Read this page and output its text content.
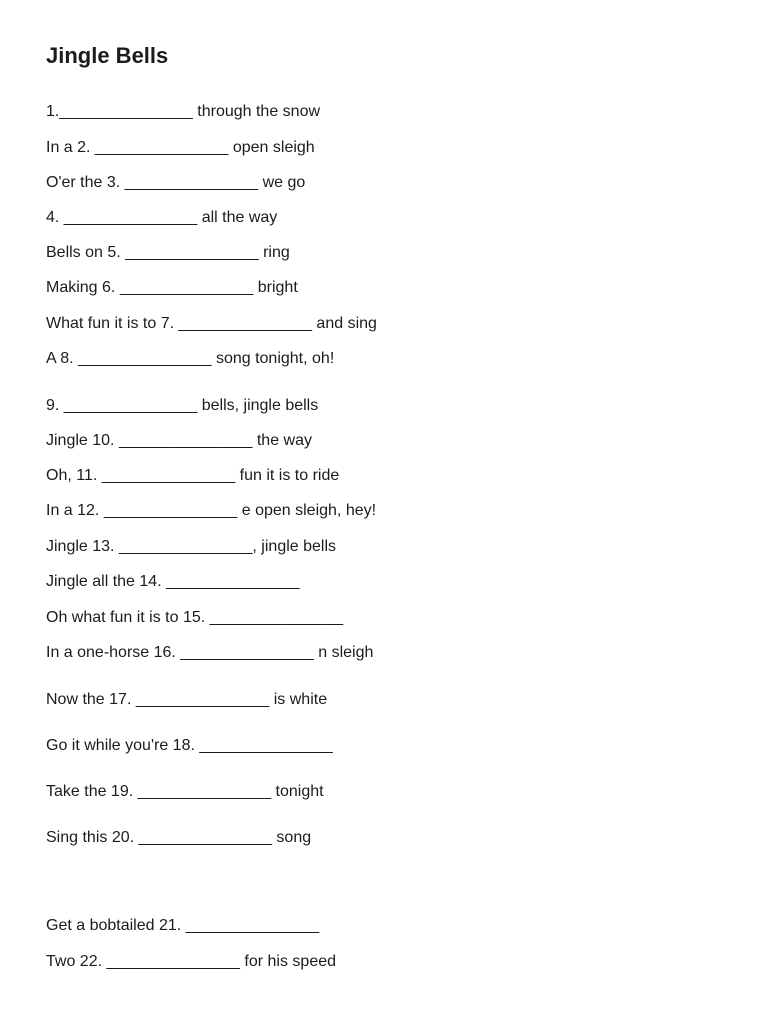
Jingle Bells

1._______________ through the snow

In a 2. _______________ open sleigh

O'er the 3. _______________ we go

4. _______________ all the way

Bells on 5. _______________ ring

Making 6. _______________ bright

What fun it is to 7. _______________ and sing

A 8. _______________ song tonight, oh!

9. _______________ bells, jingle bells

Jingle 10. _______________ the way

Oh, 11. _______________ fun it is to ride

In a 12. _______________ e open sleigh, hey!

Jingle 13. _______________, jingle bells

Jingle all the 14. _______________

Oh what fun it is to 15. _______________

In a one-horse 16. _______________ n sleigh

Now the 17. _______________ is white

Go it while you're 18. _______________

Take the 19. _______________ tonight

Sing this 20. _______________ song

Get a bobtailed 21. _______________

Two 22. _______________ for his speed
